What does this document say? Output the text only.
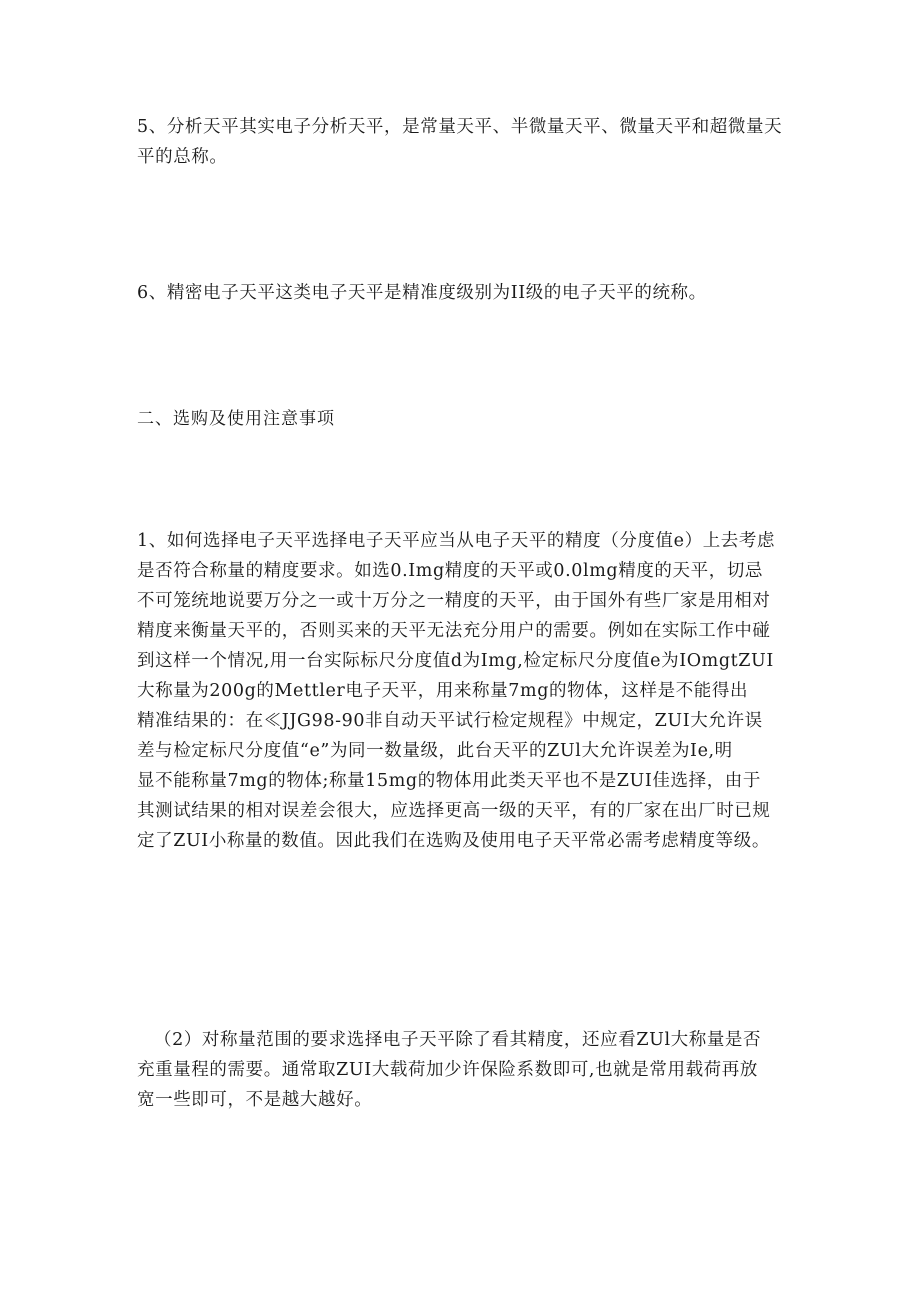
5、分析天平其实电子分析天平，是常量天平、半微量天平、微量天平和超微量天
平的总称。

6、精密电子天平这类电子天平是精准度级别为II级的电子天平的统称。

二、选购及使用注意事项

1、如何选择电子天平选择电子天平应当从电子天平的精度（分度值e）上去考虑
是否符合称量的精度要求。如选0.Img精度的天平或0.0lmg精度的天平，切忌
不可笼统地说要万分之一或十万分之一精度的天平，由于国外有些厂家是用相对
精度来衡量天平的，否则买来的天平无法充分用户的需要。例如在实际工作中碰
到这样一个情况,用一台实际标尺分度值d为Img,检定标尺分度值e为IOmgtZUI
大称量为200g的Mettler电子天平，用来称量7mg的物体，这样是不能得出
精准结果的：在≪JJG98-90非自动天平试行检定规程》中规定，ZUI大允许误
差与检定标尺分度值“e”为同一数量级，此台天平的ZUl大允许误差为Ie,明
显不能称量7mg的物体;称量15mg的物体用此类天平也不是ZUI佳选择，由于
其测试结果的相对误差会很大，应选择更高一级的天平，有的厂家在出厂时已规
定了ZUI小称量的数值。因此我们在选购及使用电子天平常必需考虑精度等级。

（2）对称量范围的要求选择电子天平除了看其精度，还应看ZUl大称量是否
充重量程的需要。通常取ZUI大载荷加少许保险系数即可,也就是常用载荷再放
宽一些即可，不是越大越好。
